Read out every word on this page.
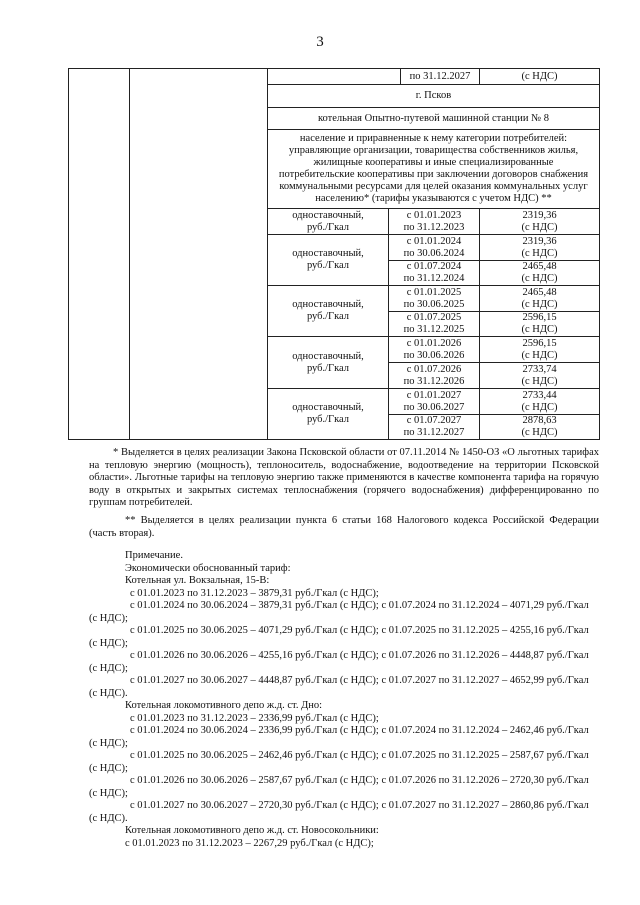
3
по 31.12.2027	(с НДС)
г. Псков
котельная Опытно-путевой машинной станции № 8
население и приравненные к нему категории потребителей:
управляющие организации, товарищества собственников жилья,
жилищные кооперативы и иные специализированные
потребительские кооперативы при заключении договоров снабжения
коммунальными ресурсами для целей оказания коммунальных услуг
населению* (тарифы указываются с учетом НДС) **
одноставочный,
руб./Гкал
с 01.01.2023
по 31.12.2023
2319,36
(с НДС)
одноставочный,
руб./Гкал
с 01.01.2024
по 30.06.2024
2319,36
(с НДС)
с 01.07.2024
по 31.12.2024
2465,48
(с НДС)
одноставочный,
руб./Гкал
с 01.01.2025
по 30.06.2025
2465,48
(с НДС)
с 01.07.2025
по 31.12.2025
2596,15
(с НДС)
одноставочный,
руб./Гкал
с 01.01.2026
по 30.06.2026
2596,15
(с НДС)
с 01.07.2026
по 31.12.2026
2733,74
(с НДС)
одноставочный,
руб./Гкал
с 01.01.2027
по 30.06.2027
2733,44
(с НДС)
с 01.07.2027
по 31.12.2027
2878,63
(с НДС)
* Выделяется в целях реализации Закона Псковской области от 07.11.2014 № 1450-ОЗ «О льготных тарифах на тепловую энергию (мощность), теплоноситель, водоснабжение, водоотведение на территории Псковской области». Льготные тарифы на тепловую энергию также применяются в качестве компонента тарифа на горячую воду в открытых и закрытых системах теплоснабжения (горячего водоснабжения) дифференцированно по группам потребителей.
** Выделяется в целях реализации пункта 6 статьи 168 Налогового кодекса Российской Федерации (часть вторая).
Примечание.
Экономически обоснованный тариф:
Котельная ул. Вокзальная, 15-В:
с 01.01.2023 по 31.12.2023 – 3879,31 руб./Гкал (с НДС);
с 01.01.2024 по 30.06.2024 – 3879,31 руб./Гкал (с НДС); с 01.07.2024 по 31.12.2024 – 4071,29 руб./Гкал
(с НДС);
с 01.01.2025 по 30.06.2025 – 4071,29 руб./Гкал (с НДС); с 01.07.2025 по 31.12.2025 – 4255,16 руб./Гкал
(с НДС);
с 01.01.2026 по 30.06.2026 – 4255,16 руб./Гкал (с НДС); с 01.07.2026 по 31.12.2026 – 4448,87 руб./Гкал
(с НДС);
с 01.01.2027 по 30.06.2027 – 4448,87 руб./Гкал (с НДС); с 01.07.2027 по 31.12.2027 – 4652,99 руб./Гкал
(с НДС).
Котельная локомотивного депо ж.д. ст. Дно:
с 01.01.2023 по 31.12.2023 – 2336,99 руб./Гкал (с НДС);
с 01.01.2024 по 30.06.2024 – 2336,99 руб./Гкал (с НДС); с 01.07.2024 по 31.12.2024 – 2462,46 руб./Гкал
(с НДС);
с 01.01.2025 по 30.06.2025 – 2462,46 руб./Гкал (с НДС); с 01.07.2025 по 31.12.2025 – 2587,67 руб./Гкал
(с НДС);
с 01.01.2026 по 30.06.2026 – 2587,67 руб./Гкал (с НДС); с 01.07.2026 по 31.12.2026 – 2720,30 руб./Гкал
(с НДС);
с 01.01.2027 по 30.06.2027 – 2720,30 руб./Гкал (с НДС); с 01.07.2027 по 31.12.2027 – 2860,86 руб./Гкал
(с НДС).
Котельная локомотивного депо ж.д. ст. Новосокольники:
с 01.01.2023 по 31.12.2023 – 2267,29 руб./Гкал (с НДС);
